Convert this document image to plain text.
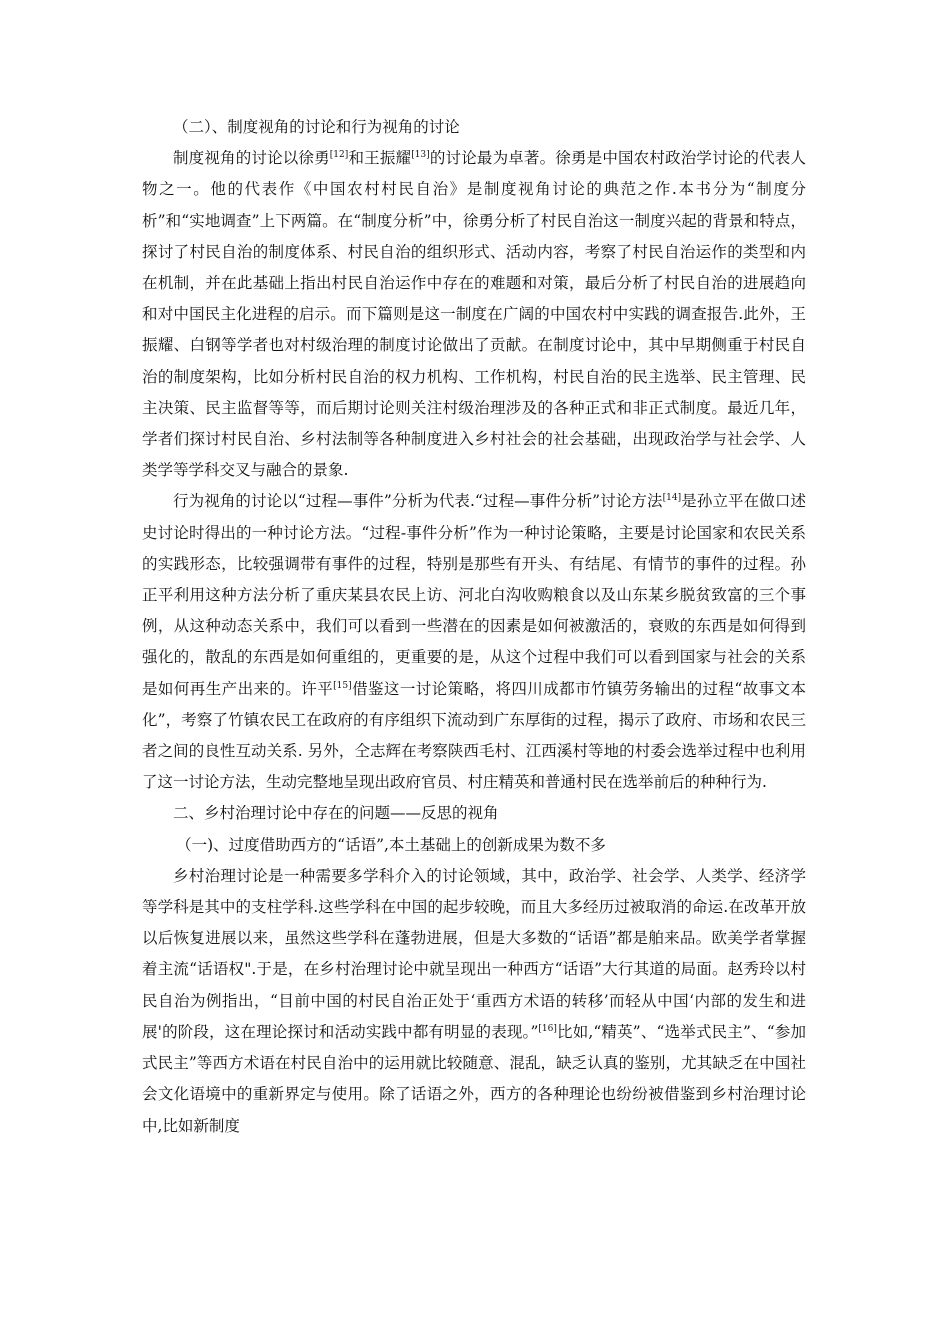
（二）、制度视角的讨论和行为视角的讨论

制度视角的讨论以徐勇[12]和王振耀[13]的讨论最为卓著。徐勇是中国农村政治学讨论的代表人物之一。他的代表作《中国农村村民自治》是制度视角讨论的典范之作.本书分为“制度分析”和“实地调查”上下两篇。在“制度分析”中，徐勇分析了村民自治这一制度兴起的背景和特点，探讨了村民自治的制度体系、村民自治的组织形式、活动内容，考察了村民自治运作的类型和内在机制，并在此基础上指出村民自治运作中存在的难题和对策，最后分析了村民自治的进展趋向和对中国民主化进程的启示。而下篇则是这一制度在广阔的中国农村中实践的调查报告.此外，王振耀、白钢等学者也对村级治理的制度讨论做出了贡献。在制度讨论中，其中早期侧重于村民自治的制度架构，比如分析村民自治的权力机构、工作机构，村民自治的民主选举、民主管理、民主决策、民主监督等等，而后期讨论则关注村级治理涉及的各种正式和非正式制度。最近几年，学者们探讨村民自治、乡村法制等各种制度进入乡村社会的社会基础，出现政治学与社会学、人类学等学科交叉与融合的景象.

行为视角的讨论以“过程—事件”分析为代表.“过程—事件分析”讨论方法[14]是孙立平在做口述史讨论时得出的一种讨论方法。“过程-事件分析”作为一种讨论策略，主要是讨论国家和农民关系的实践形态，比较强调带有事件的过程，特别是那些有开头、有结尾、有情节的事件的过程。孙正平利用这种方法分析了重庆某县农民上访、河北白沟收购粮食以及山东某乡脱贫致富的三个事例，从这种动态关系中，我们可以看到一些潜在的因素是如何被激活的，衰败的东西是如何得到强化的，散乱的东西是如何重组的，更重要的是，从这个过程中我们可以看到国家与社会的关系是如何再生产出来的。许平[15]借鉴这一讨论策略，将四川成都市竹镇劳务输出的过程“故事文本化”，考察了竹镇农民工在政府的有序组织下流动到广东厚街的过程，揭示了政府、市场和农民三者之间的良性互动关系. 另外，仝志辉在考察陕西毛村、江西溪村等地的村委会选举过程中也利用了这一讨论方法，生动完整地呈现出政府官员、村庄精英和普通村民在选举前后的种种行为.

二、乡村治理讨论中存在的问题——反思的视角

（一)、过度借助西方的“话语”,本土基础上的创新成果为数不多

乡村治理讨论是一种需要多学科介入的讨论领域，其中，政治学、社会学、人类学、经济学等学科是其中的支柱学科.这些学科在中国的起步较晚，而且大多经历过被取消的命运.在改革开放以后恢复进展以来，虽然这些学科在蓬勃进展，但是大多数的“话语”都是舶来品。欧美学者掌握着主流“话语权".于是，在乡村治理讨论中就呈现出一种西方“话语”大行其道的局面。赵秀玲以村民自治为例指出，“目前中国的村民自治正处于‘重西方术语的转移’而轻从中国‘内部的发生和进展'的阶段，这在理论探讨和活动实践中都有明显的表现。”[16]比如,“精英”、“选举式民主”、“参加式民主”等西方术语在村民自治中的运用就比较随意、混乱，缺乏认真的鉴别，尤其缺乏在中国社会文化语境中的重新界定与使用。除了话语之外，西方的各种理论也纷纷被借鉴到乡村治理讨论中,比如新制度
